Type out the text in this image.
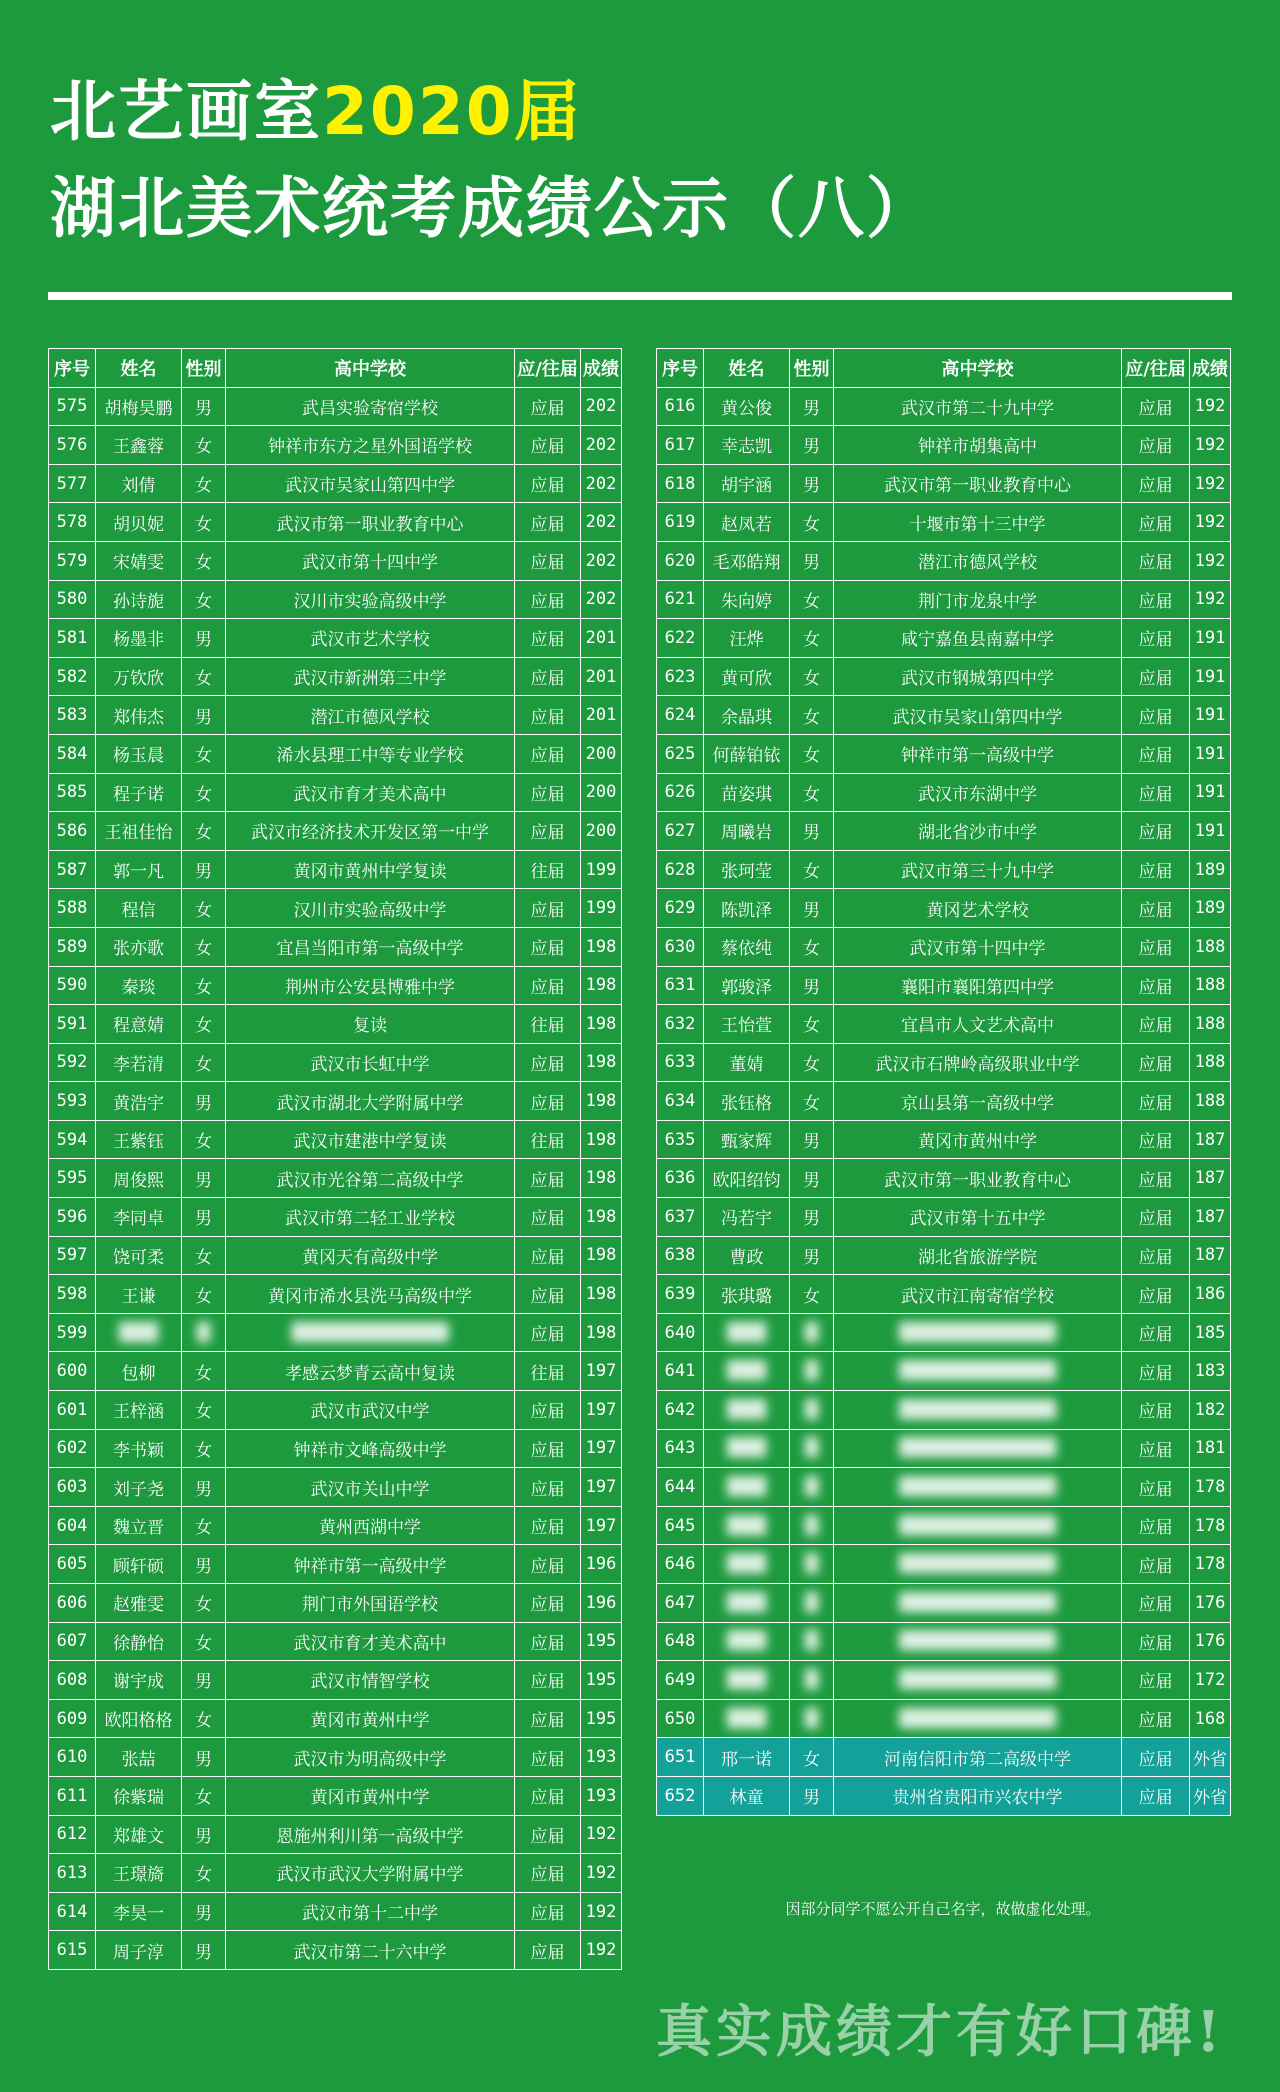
北艺画室2020届
湖北美术统考成绩公示（八）
序号	姓名	性别	高中学校	应/往届	成绩
575	胡梅昊鹏	男	武昌实验寄宿学校	应届	202
576	王鑫蓉	女	钟祥市东方之星外国语学校	应届	202
577	刘倩	女	武汉市吴家山第四中学	应届	202
578	胡贝妮	女	武汉市第一职业教育中心	应届	202
579	宋婧雯	女	武汉市第十四中学	应届	202
580	孙诗旎	女	汉川市实验高级中学	应届	202
581	杨墨非	男	武汉市艺术学校	应届	201
582	万钦欣	女	武汉市新洲第三中学	应届	201
583	郑伟杰	男	潜江市德风学校	应届	201
584	杨玉晨	女	浠水县理工中等专业学校	应届	200
585	程子诺	女	武汉市育才美术高中	应届	200
586	王祖佳怡	女	武汉市经济技术开发区第一中学	应届	200
587	郭一凡	男	黄冈市黄州中学复读	往届	199
588	程信	女	汉川市实验高级中学	应届	199
589	张亦歌	女	宜昌当阳市第一高级中学	应届	198
590	秦琰	女	荆州市公安县博雅中学	应届	198
591	程意婧	女	复读	往届	198
592	李若清	女	武汉市长虹中学	应届	198
593	黄浩宇	男	武汉市湖北大学附属中学	应届	198
594	王紫钰	女	武汉市建港中学复读	往届	198
595	周俊熙	男	武汉市光谷第二高级中学	应届	198
596	李同卓	男	武汉市第二轻工业学校	应届	198
597	饶可柔	女	黄冈天有高级中学	应届	198
598	王谦	女	黄冈市浠水县洗马高级中学	应届	198
599	███	█	████████████	应届	198
600	包柳	女	孝感云梦青云高中复读	往届	197
601	王梓涵	女	武汉市武汉中学	应届	197
602	李书颖	女	钟祥市文峰高级中学	应届	197
603	刘子尧	男	武汉市关山中学	应届	197
604	魏立晋	女	黄州西湖中学	应届	197
605	顾轩硕	男	钟祥市第一高级中学	应届	196
606	赵雅雯	女	荆门市外国语学校	应届	196
607	徐静怡	女	武汉市育才美术高中	应届	195
608	谢宇成	男	武汉市情智学校	应届	195
609	欧阳格格	女	黄冈市黄州中学	应届	195
610	张喆	男	武汉市为明高级中学	应届	193
611	徐紫瑞	女	黄冈市黄州中学	应届	193
612	郑雄文	男	恩施州利川第一高级中学	应届	192
613	王璟旖	女	武汉市武汉大学附属中学	应届	192
614	李昊一	男	武汉市第十二中学	应届	192
615	周子淳	男	武汉市第二十六中学	应届	192
序号	姓名	性别	高中学校	应/往届	成绩
616	黄公俊	男	武汉市第二十九中学	应届	192
617	幸志凯	男	钟祥市胡集高中	应届	192
618	胡宇涵	男	武汉市第一职业教育中心	应届	192
619	赵凤若	女	十堰市第十三中学	应届	192
620	毛邓皓翔	男	潜江市德风学校	应届	192
621	朱向婷	女	荆门市龙泉中学	应届	192
622	汪烨	女	咸宁嘉鱼县南嘉中学	应届	191
623	黄可欣	女	武汉市钢城第四中学	应届	191
624	余晶琪	女	武汉市吴家山第四中学	应届	191
625	何薛铂铱	女	钟祥市第一高级中学	应届	191
626	苗姿琪	女	武汉市东湖中学	应届	191
627	周曦岩	男	湖北省沙市中学	应届	191
628	张珂莹	女	武汉市第三十九中学	应届	189
629	陈凯泽	男	黄冈艺术学校	应届	189
630	蔡依纯	女	武汉市第十四中学	应届	188
631	郭骏泽	男	襄阳市襄阳第四中学	应届	188
632	王怡萱	女	宜昌市人文艺术高中	应届	188
633	董婧	女	武汉市石牌岭高级职业中学	应届	188
634	张钰格	女	京山县第一高级中学	应届	188
635	甄家辉	男	黄冈市黄州中学	应届	187
636	欧阳绍钧	男	武汉市第一职业教育中心	应届	187
637	冯若宇	男	武汉市第十五中学	应届	187
638	曹政	男	湖北省旅游学院	应届	187
639	张琪璐	女	武汉市江南寄宿学校	应届	186
640	███	█	████████████	应届	185
641	███	█	████████████	应届	183
642	███	█	████████████	应届	182
643	███	█	████████████	应届	181
644	███	█	████████████	应届	178
645	███	█	████████████	应届	178
646	███	█	████████████	应届	178
647	███	█	████████████	应届	176
648	███	█	████████████	应届	176
649	███	█	████████████	应届	172
650	███	█	████████████	应届	168
651	邢一诺	女	河南信阳市第二高级中学	应届	外省
652	林童	男	贵州省贵阳市兴农中学	应届	外省
因部分同学不愿公开自己名字，故做虚化处理。
真实成绩才有好口碑!
